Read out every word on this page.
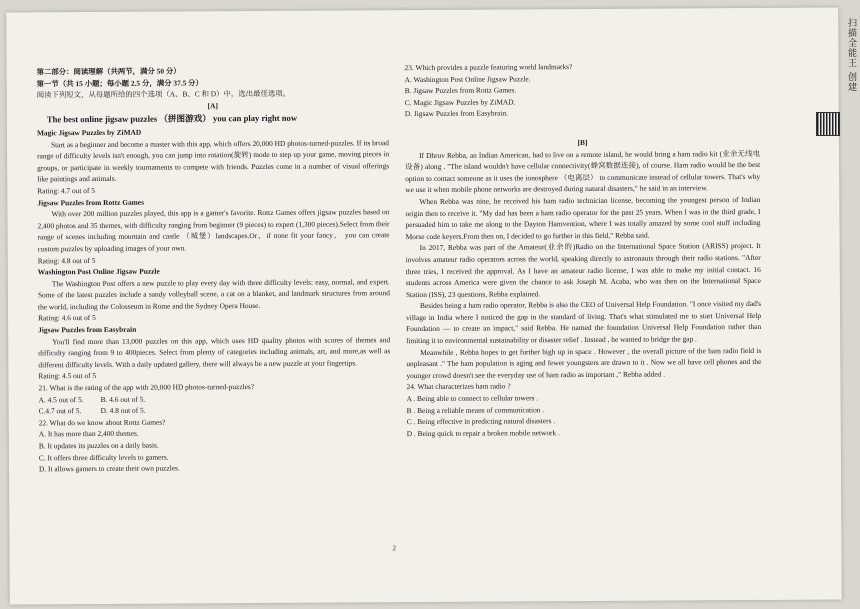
第二部分：阅读理解（共两节，满分 50 分）

第一节（共 15 小题；每小题 2.5 分，满分 37.5 分）

阅读下列短文，从每题所给的四个选项（A、B、C 和 D）中，选出最佳选项。

[A]

The best online jigsaw puzzles （拼图游戏） you can play right now

Magic Jigsaw Puzzles by ZiMAD

Start as a beginner and become a master with this app, which offers 20,000 HD photos-turned-puzzles. If its broad range of difficulty levels isn't enough, you can jump into rotation(旋转) mode to step up your game, moving pieces in groups, or participate in weekly tournaments to compete with friends. Puzzles come in a number of visual offerings like paintings and animals.

Rating: 4.7 out of 5

Jigsaw Puzzles from Rottz Games

With over 200 million puzzles played, this app is a gamer's favorite. Rottz Games offers jigsaw puzzles based on 2,400 photos and 35 themes, with difficulty ranging from beginner (9 pieces) to expert (1,300 pieces).Select from their range of scenes including mountain and castle （城堡）landscapes.Or，if none fit your fancy， you can create custom puzzles by uploading images of your own.

Rating: 4.8 out of 5

Washington Post Online Jigsaw Puzzle

The Washington Post offers a new puzzle to play every day with three difficulty levels: easy, normal, and expert. Some of the latest puzzles include a sandy volleyball scene, a cat on a blanket, and landmark structures from around the world, including the Colosseum in Rome and the Sydney Opera House.

Rating: 4.6 out of 5

Jigsaw Puzzles from Easybrain

You'll find more than 13,000 puzzles on this app, which uses HD quality photos with scores of themes and difficulty ranging from 9 to 400pieces. Select from plenty of categories including animals, art, and more,as well as different difficulty levels. With a daily updated gallery, there will always be a new puzzle at your fingertips.

Rating: 4.5 out of 5

21. What is the rating of the app with 20,000 HD photos-turned-puzzles?

A. 4.5 out of 5. B. 4.6 out of 5.
C.4.7 out of 5.	D. 4.8 out of 5.

22. What do we know about Rottz Games?

A. It has more than 2,400 themes.

B. It updates its puzzles on a daily basis.

C. It offers three difficulty levels to gamers.

D. It allows gamers to create their own puzzles.

23. Which provides a puzzle featuring world landmarks?

A. Washington Post Online Jigsaw Puzzle.

B. Jigsaw Puzzles from Rottz Games.

C. Magic Jigsaw Puzzles by ZiMAD.

D. Jigsaw Puzzles from Easybrain.

[B]

If Dhruv Rebba, an Indian American, had to live on a remote island, he would bring a ham radio kit (业余无线电设备) along . "The island wouldn't have cellular connectivity(蜂窝数据连接), of course. Ham radio would be the best option to contact someone as it uses the ionosphere （电离层） to communicate instead of cellular towers. That's why we use it when mobile phone networks are destroyed during natural disasters," he said in an interview.

When Rebba was nine, he received his ham radio technician license, becoming the youngest person of Indian origin then to receive it. "My dad has been a ham radio operator for the past 25 years. When I was in the third grade, I persuaded him to take me along to the Dayton Hamvention, where I was totally amazed by some cool stuff including Morse code keyers.From then on, I decided to go further in this field," Rebba said.

In 2017, Rebba was part of the Amateur(业余的)Radio on the International Space Station (ARISS) project. It involves amateur radio operators across the world, speaking directly to astronauts through their radio stations. "After three tries, I received the approval. As I have an amateur radio license, I was able to make my initial contact. 16 students across America were given the chance to ask Joseph M. Acaba, who was then on the International Space Station (ISS), 23 questions, Rebba explained.

Besides being a ham radio operator, Rebba is also the CEO of Universal Help Foundation. "I once visited my dad's village in India where I noticed the gap in the standard of living. That's what stimulated me to start Universal Help Foundation — to create an impact," said Rebba. He named the foundation Universal Help Foundation rather than limiting it to environmental sustainability or disaster relief . Instead , he wanted to bridge the gap .

Meanwhile , Rebba hopes to get further high up in space . However , the overall picture of the ham radio field is unpleasant ." The ham population is aging and fewer youngsters are drawn to it . Now we all have cell phones and the younger crowd doesn't see the everyday use of ham radio as important ," Rebba added .

24. What characterizes ham radio ?

A . Being able to connect to cellular towers .

B . Being a reliable means of communication .

C . Being effective in predicting natural disasters .

D . Being quick to repair a broken mobile network .

2
扫描全能王 创建
